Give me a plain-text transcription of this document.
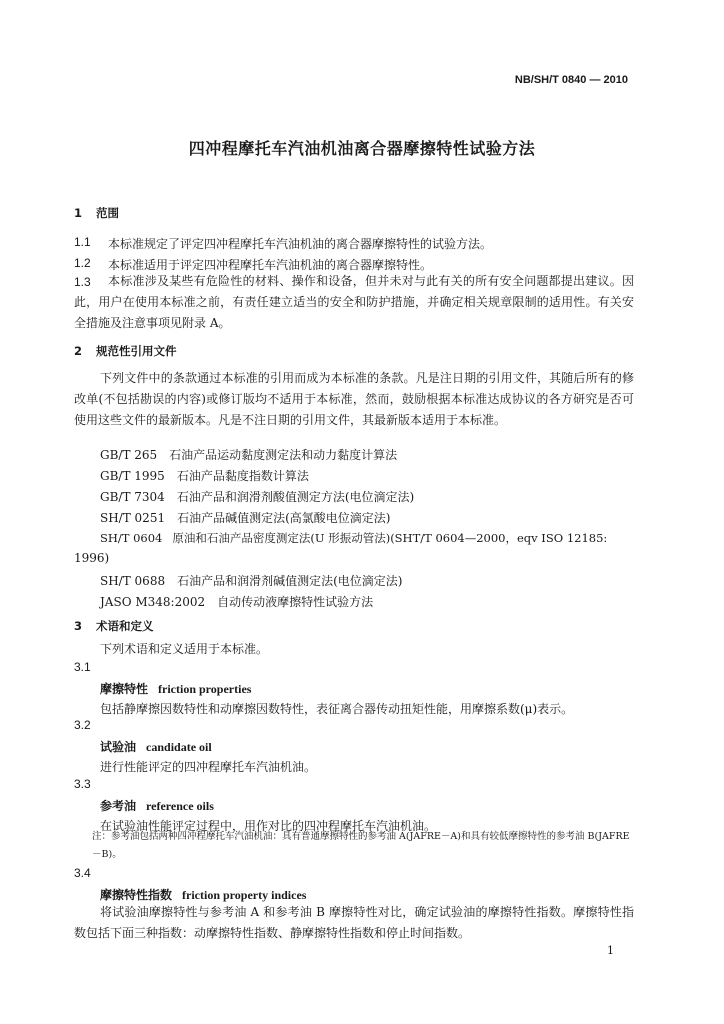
NB/SH/T 0840 — 2010
四冲程摩托车汽油机油离合器摩擦特性试验方法
1 范围
1.1 本标准规定了评定四冲程摩托车汽油机油的离合器摩擦特性的试验方法。
1.2 本标准适用于评定四冲程摩托车汽油机油的离合器摩擦特性。
1.3	本标准涉及某些有危险性的材料、操作和设备，但并未对与此有关的所有安全问题都提出建议。因此，用户在使用本标准之前，有责任建立适当的安全和防护措施，并确定相关规章限制的适用性。有关安全措施及注意事项见附录 A。
2 规范性引用文件
下列文件中的条款通过本标准的引用而成为本标准的条款。凡是注日期的引用文件，其随后所有的修改单(不包括勘误的内容)或修订版均不适用于本标准，然而，鼓励根据本标准达成协议的各方研究是否可使用这些文件的最新版本。凡是不注日期的引用文件，其最新版本适用于本标准。
GB/T 265 石油产品运动黏度测定法和动力黏度计算法
GB/T 1995 石油产品黏度指数计算法
GB/T 7304 石油产品和润滑剂酸值测定方法(电位滴定法)
SH/T 0251 石油产品碱值测定法(高氯酸电位滴定法)
SH/T 0604 原油和石油产品密度测定法(U 形振动管法)(SHT/T 0604—2000，eqv ISO 12185:
1996)
SH/T 0688 石油产品和润滑剂碱值测定法(电位滴定法)
JASO M348:2002 自动传动液摩擦特性试验方法
3 术语和定义
下列术语和定义适用于本标准。
3.1
摩擦特性 friction properties
包括静摩擦因数特性和动摩擦因数特性，表征离合器传动扭矩性能，用摩擦系数(μ)表示。
3.2
试验油 candidate oil
进行性能评定的四冲程摩托车汽油机油。
3.3
参考油 reference oils
在试验油性能评定过程中，用作对比的四冲程摩托车汽油机油。
注：参考油包括两种四冲程摩托车汽油机油：具有普通摩擦特性的参考油 A(JAFRE－A)和具有较低摩擦特性的参考油 B(JAFRE－B)。
3.4
摩擦特性指数 friction property indices
将试验油摩擦特性与参考油 A 和参考油 B 摩擦特性对比，确定试验油的摩擦特性指数。摩擦特性指数包括下面三种指数：动摩擦特性指数、静摩擦特性指数和停止时间指数。
1
